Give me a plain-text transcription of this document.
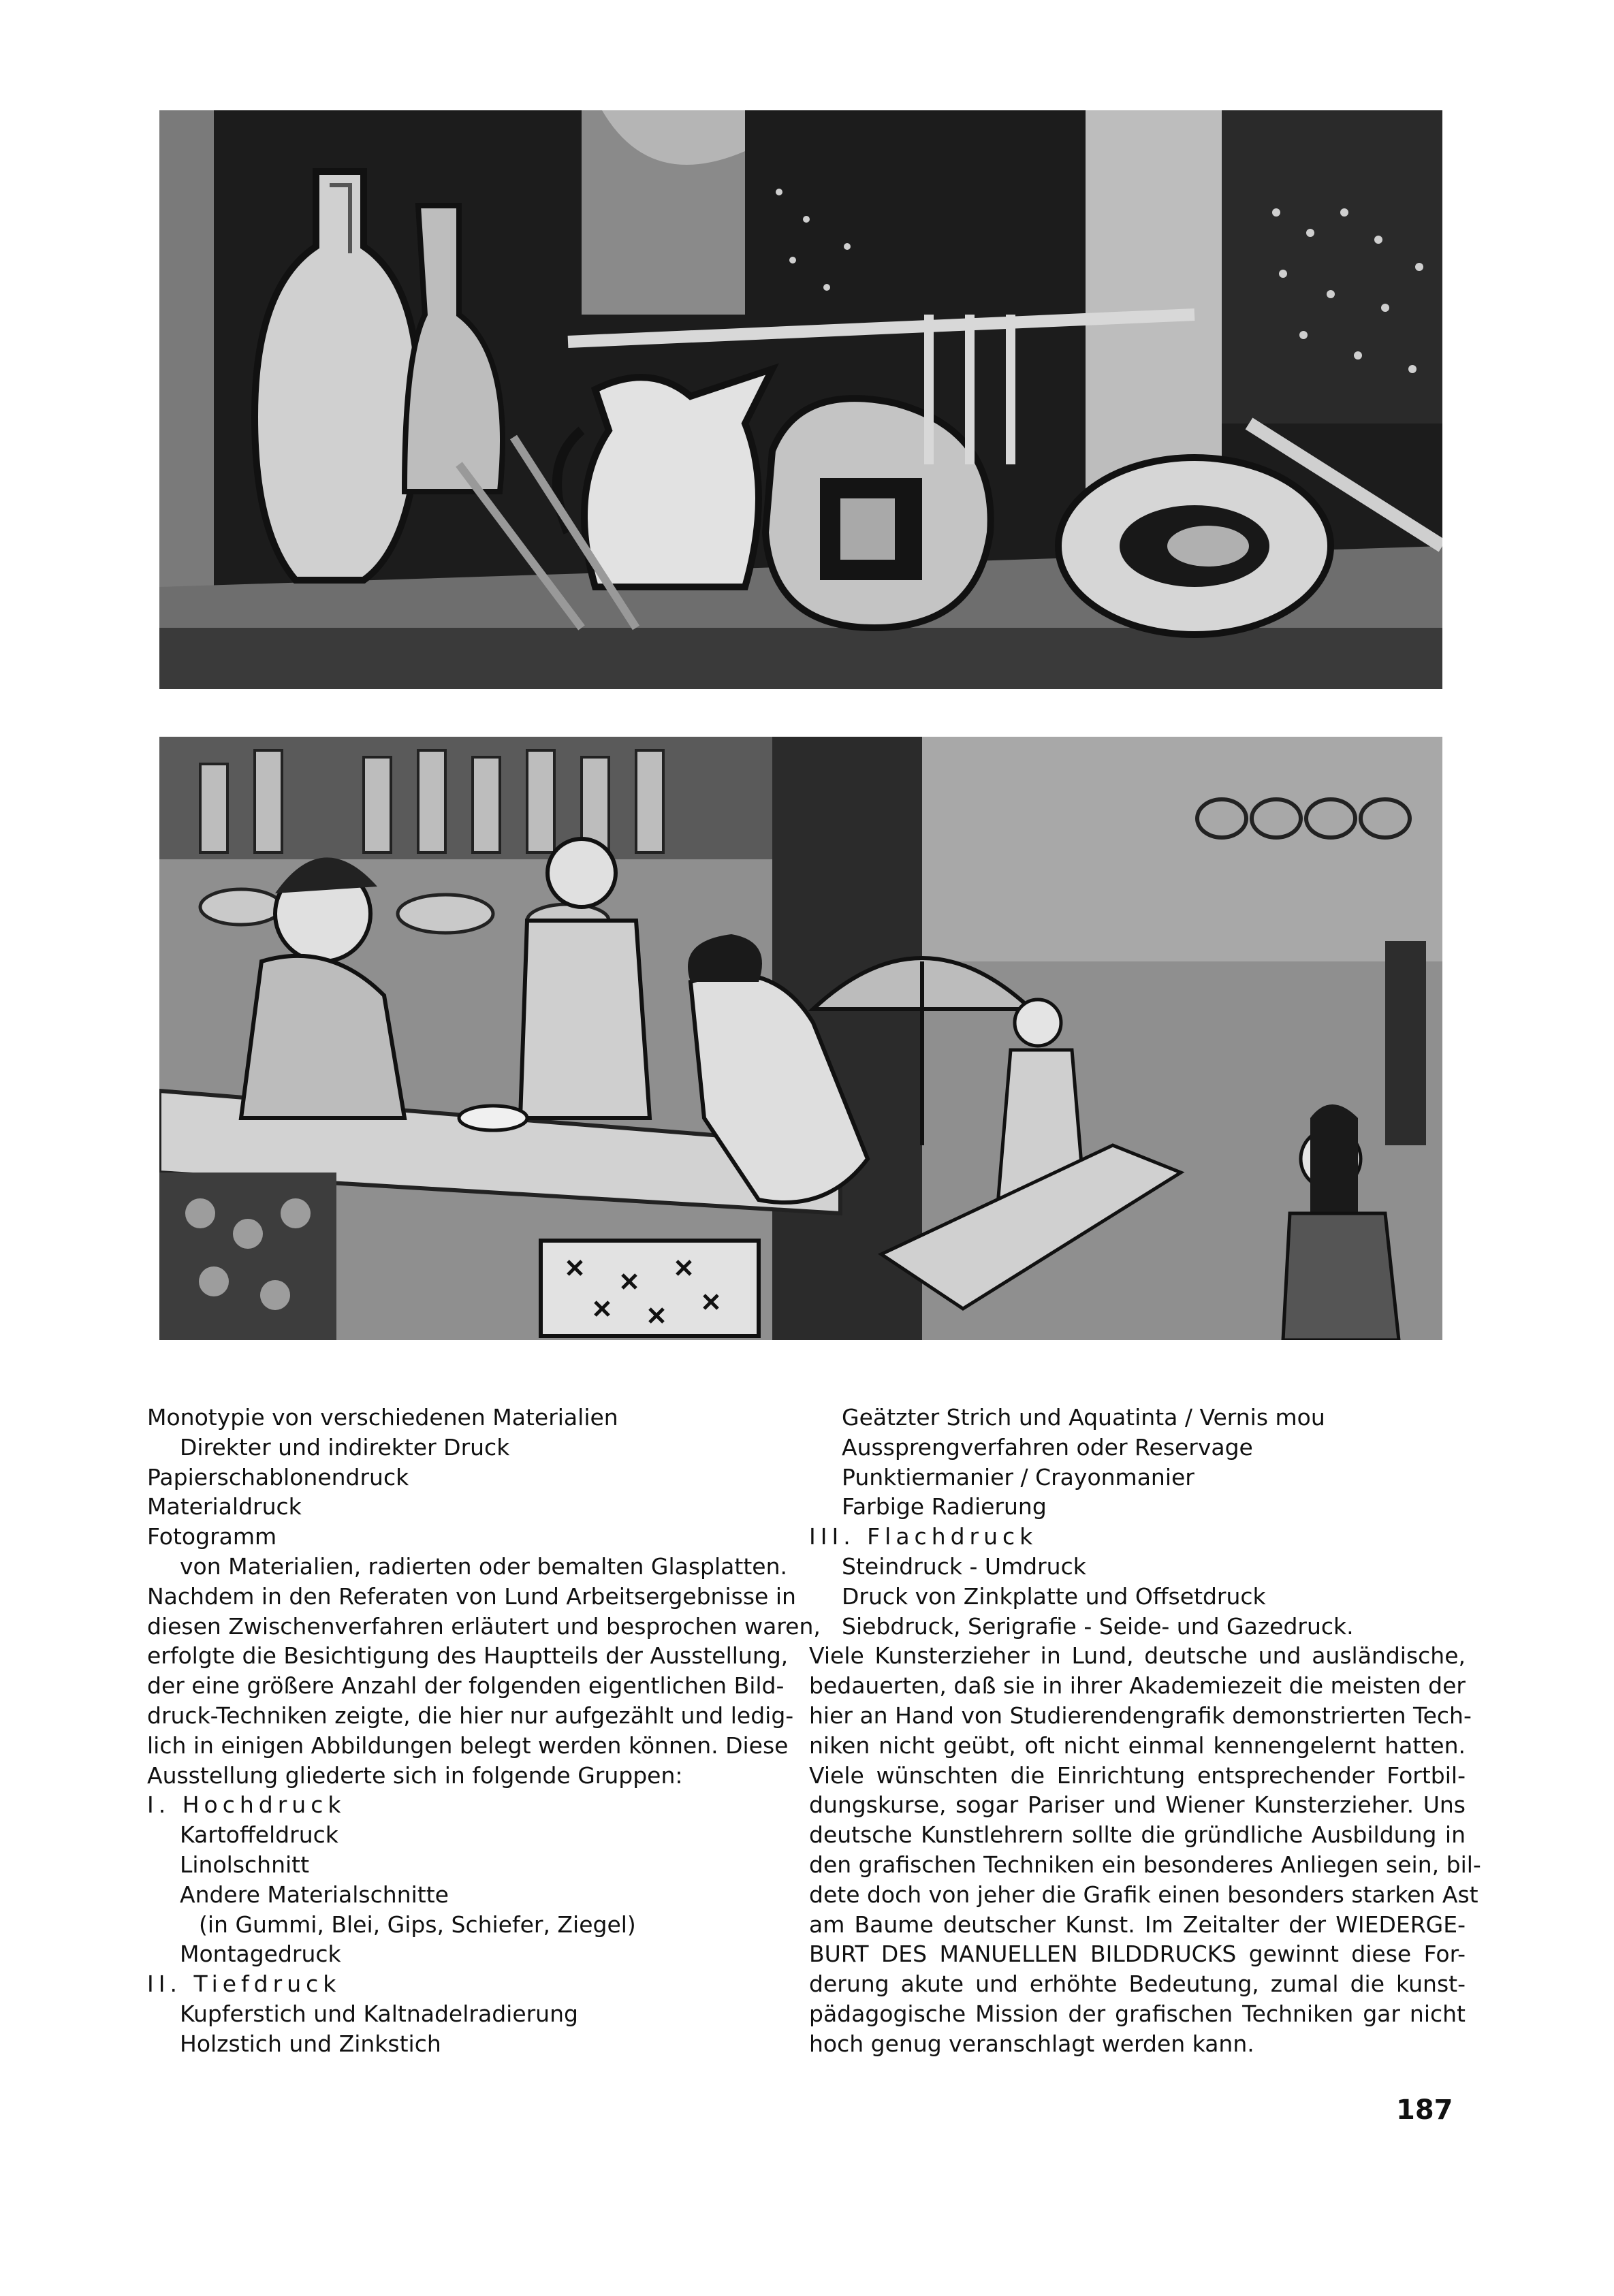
Monotypie von verschiedenen Materialien
Direkter und indirekter Druck
Papierschablonendruck
Materialdruck
Fotogramm
von Materialien, radierten oder bemalten Glasplatten.
Nachdem in den Referaten von Lund Arbeitsergebnisse in
diesen Zwischenverfahren erläutert und besprochen waren,
erfolgte die Besichtigung des Hauptteils der Ausstellung,
der eine größere Anzahl der folgenden eigentlichen Bild-
druck-Techniken zeigte, die hier nur aufgezählt und ledig-
lich in einigen Abbildungen belegt werden können. Diese
Ausstellung gliederte sich in folgende Gruppen:
I. Hochdruck
Kartoffeldruck
Linolschnitt
Andere Materialschnitte
(in Gummi, Blei, Gips, Schiefer, Ziegel)
Montagedruck
II. Tiefdruck
Kupferstich und Kaltnadelradierung
Holzstich und Zinkstich
Geätzter Strich und Aquatinta / Vernis mou
Aussprengverfahren oder Reservage
Punktiermanier / Crayonmanier
Farbige Radierung
III. Flachdruck
Steindruck - Umdruck
Druck von Zinkplatte und Offsetdruck
Siebdruck, Serigrafie - Seide- und Gazedruck.
Viele Kunsterzieher in Lund, deutsche und ausländische,
bedauerten, daß sie in ihrer Akademiezeit die meisten der
hier an Hand von Studierendengrafik demonstrierten Tech-
niken nicht geübt, oft nicht einmal kennengelernt hatten.
Viele wünschten die Einrichtung entsprechender Fortbil-
dungskurse, sogar Pariser und Wiener Kunsterzieher. Uns
deutsche Kunstlehrern sollte die gründliche Ausbildung in
den grafischen Techniken ein besonderes Anliegen sein, bil-
dete doch von jeher die Grafik einen besonders starken Ast
am Baume deutscher Kunst. Im Zeitalter der WIEDERGE-
BURT DES MANUELLEN BILDDRUCKS gewinnt diese For-
derung akute und erhöhte Bedeutung, zumal die kunst-
pädagogische Mission der grafischen Techniken gar nicht
hoch genug veranschlagt werden kann.
187
